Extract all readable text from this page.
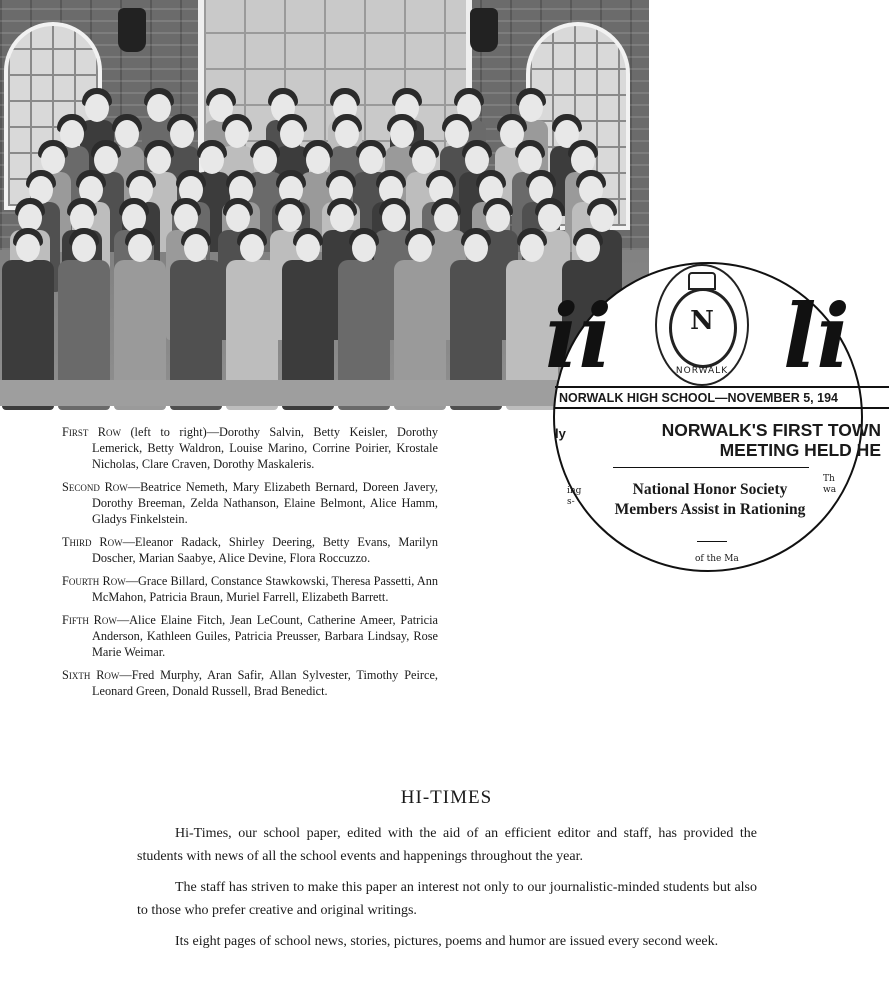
First Row (left to right)—Dorothy Salvin, Betty Keisler, Dorothy Lemerick, Betty Waldron, Louise Marino, Corrine Poirier, Krostale Nicholas, Clare Craven, Dorothy Maskaleris.

Second Row—Beatrice Nemeth, Mary Elizabeth Bernard, Doreen Javery, Dorothy Breeman, Zelda Nathanson, Elaine Belmont, Alice Hamm, Gladys Finkelstein.

Third Row—Eleanor Radack, Shirley Deering, Betty Evans, Marilyn Doscher, Marian Saabye, Alice Devine, Flora Roccuzzo.

Fourth Row—Grace Billard, Constance Stawkowski, Theresa Passetti, Ann McMahon, Patricia Braun, Muriel Farrell, Elizabeth Barrett.

Fifth Row—Alice Elaine Fitch, Jean LeCount, Catherine Ameer, Patricia Anderson, Kathleen Guiles, Patricia Preusser, Barbara Lindsay, Rose Marie Weimar.

Sixth Row—Fred Murphy, Aran Safir, Allan Sylvester, Timothy Peirce, Leonard Green, Donald Russell, Brad Benedict.

ii li
N
NORWALK
NORWALK HIGH SCHOOL—NOVEMBER 5, 194
ly	NORWALK'S FIRST TOWN
MEETING HELD HE
ing
s-
National Honor Society Members Assist in Rationing
Th
wa
of the Ma
HI-TIMES

Hi-Times, our school paper, edited with the aid of an efficient editor and staff, has provided the students with news of all the school events and happenings throughout the year.

The staff has striven to make this paper an interest not only to our journalistic-minded students but also to those who prefer creative and original writings.

Its eight pages of school news, stories, pictures, poems and humor are issued every second week.
